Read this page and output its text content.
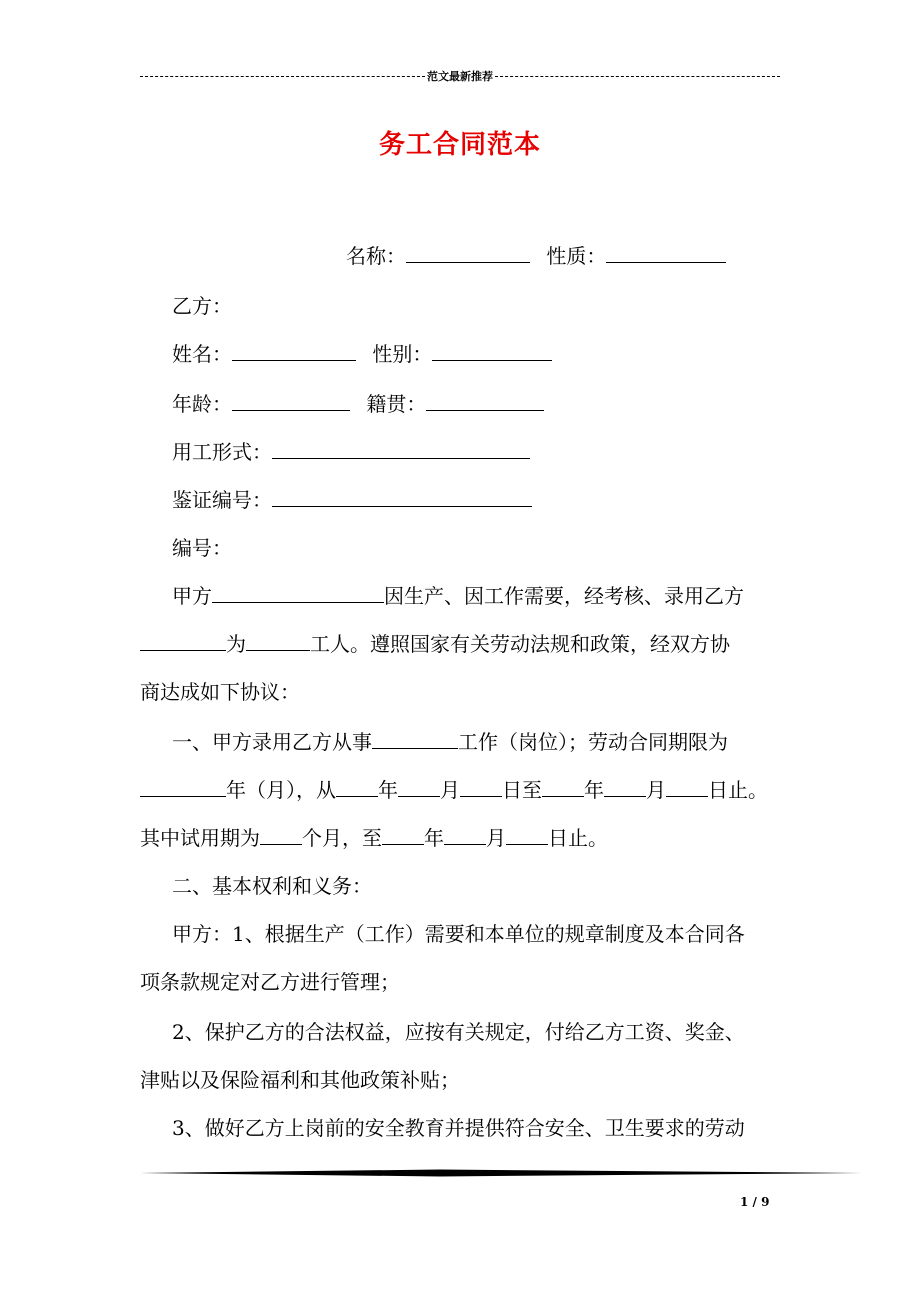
范文最新推荐
务工合同范本
名称：	性质：
乙方：
姓名：	性别：
年龄：	籍贯：
用工形式：
鉴证编号：
编号：
甲方	因生产、因工作需要，经考核、录用乙方
为	工人。遵照国家有关劳动法规和政策，经双方协
商达成如下协议：
一、甲方录用乙方从事	工作（岗位）；劳动合同期限为
年（月），从 年 月 日至 年 月 日止。
其中试用期为 个月，至 年 月 日止。
二、基本权利和义务：
甲方：1、根据生产（工作）需要和本单位的规章制度及本合同各
项条款规定对乙方进行管理；
2、保护乙方的合法权益，应按有关规定，付给乙方工资、奖金、
津贴以及保险福利和其他政策补贴；
3、做好乙方上岗前的安全教育并提供符合安全、卫生要求的劳动
1 / 9
